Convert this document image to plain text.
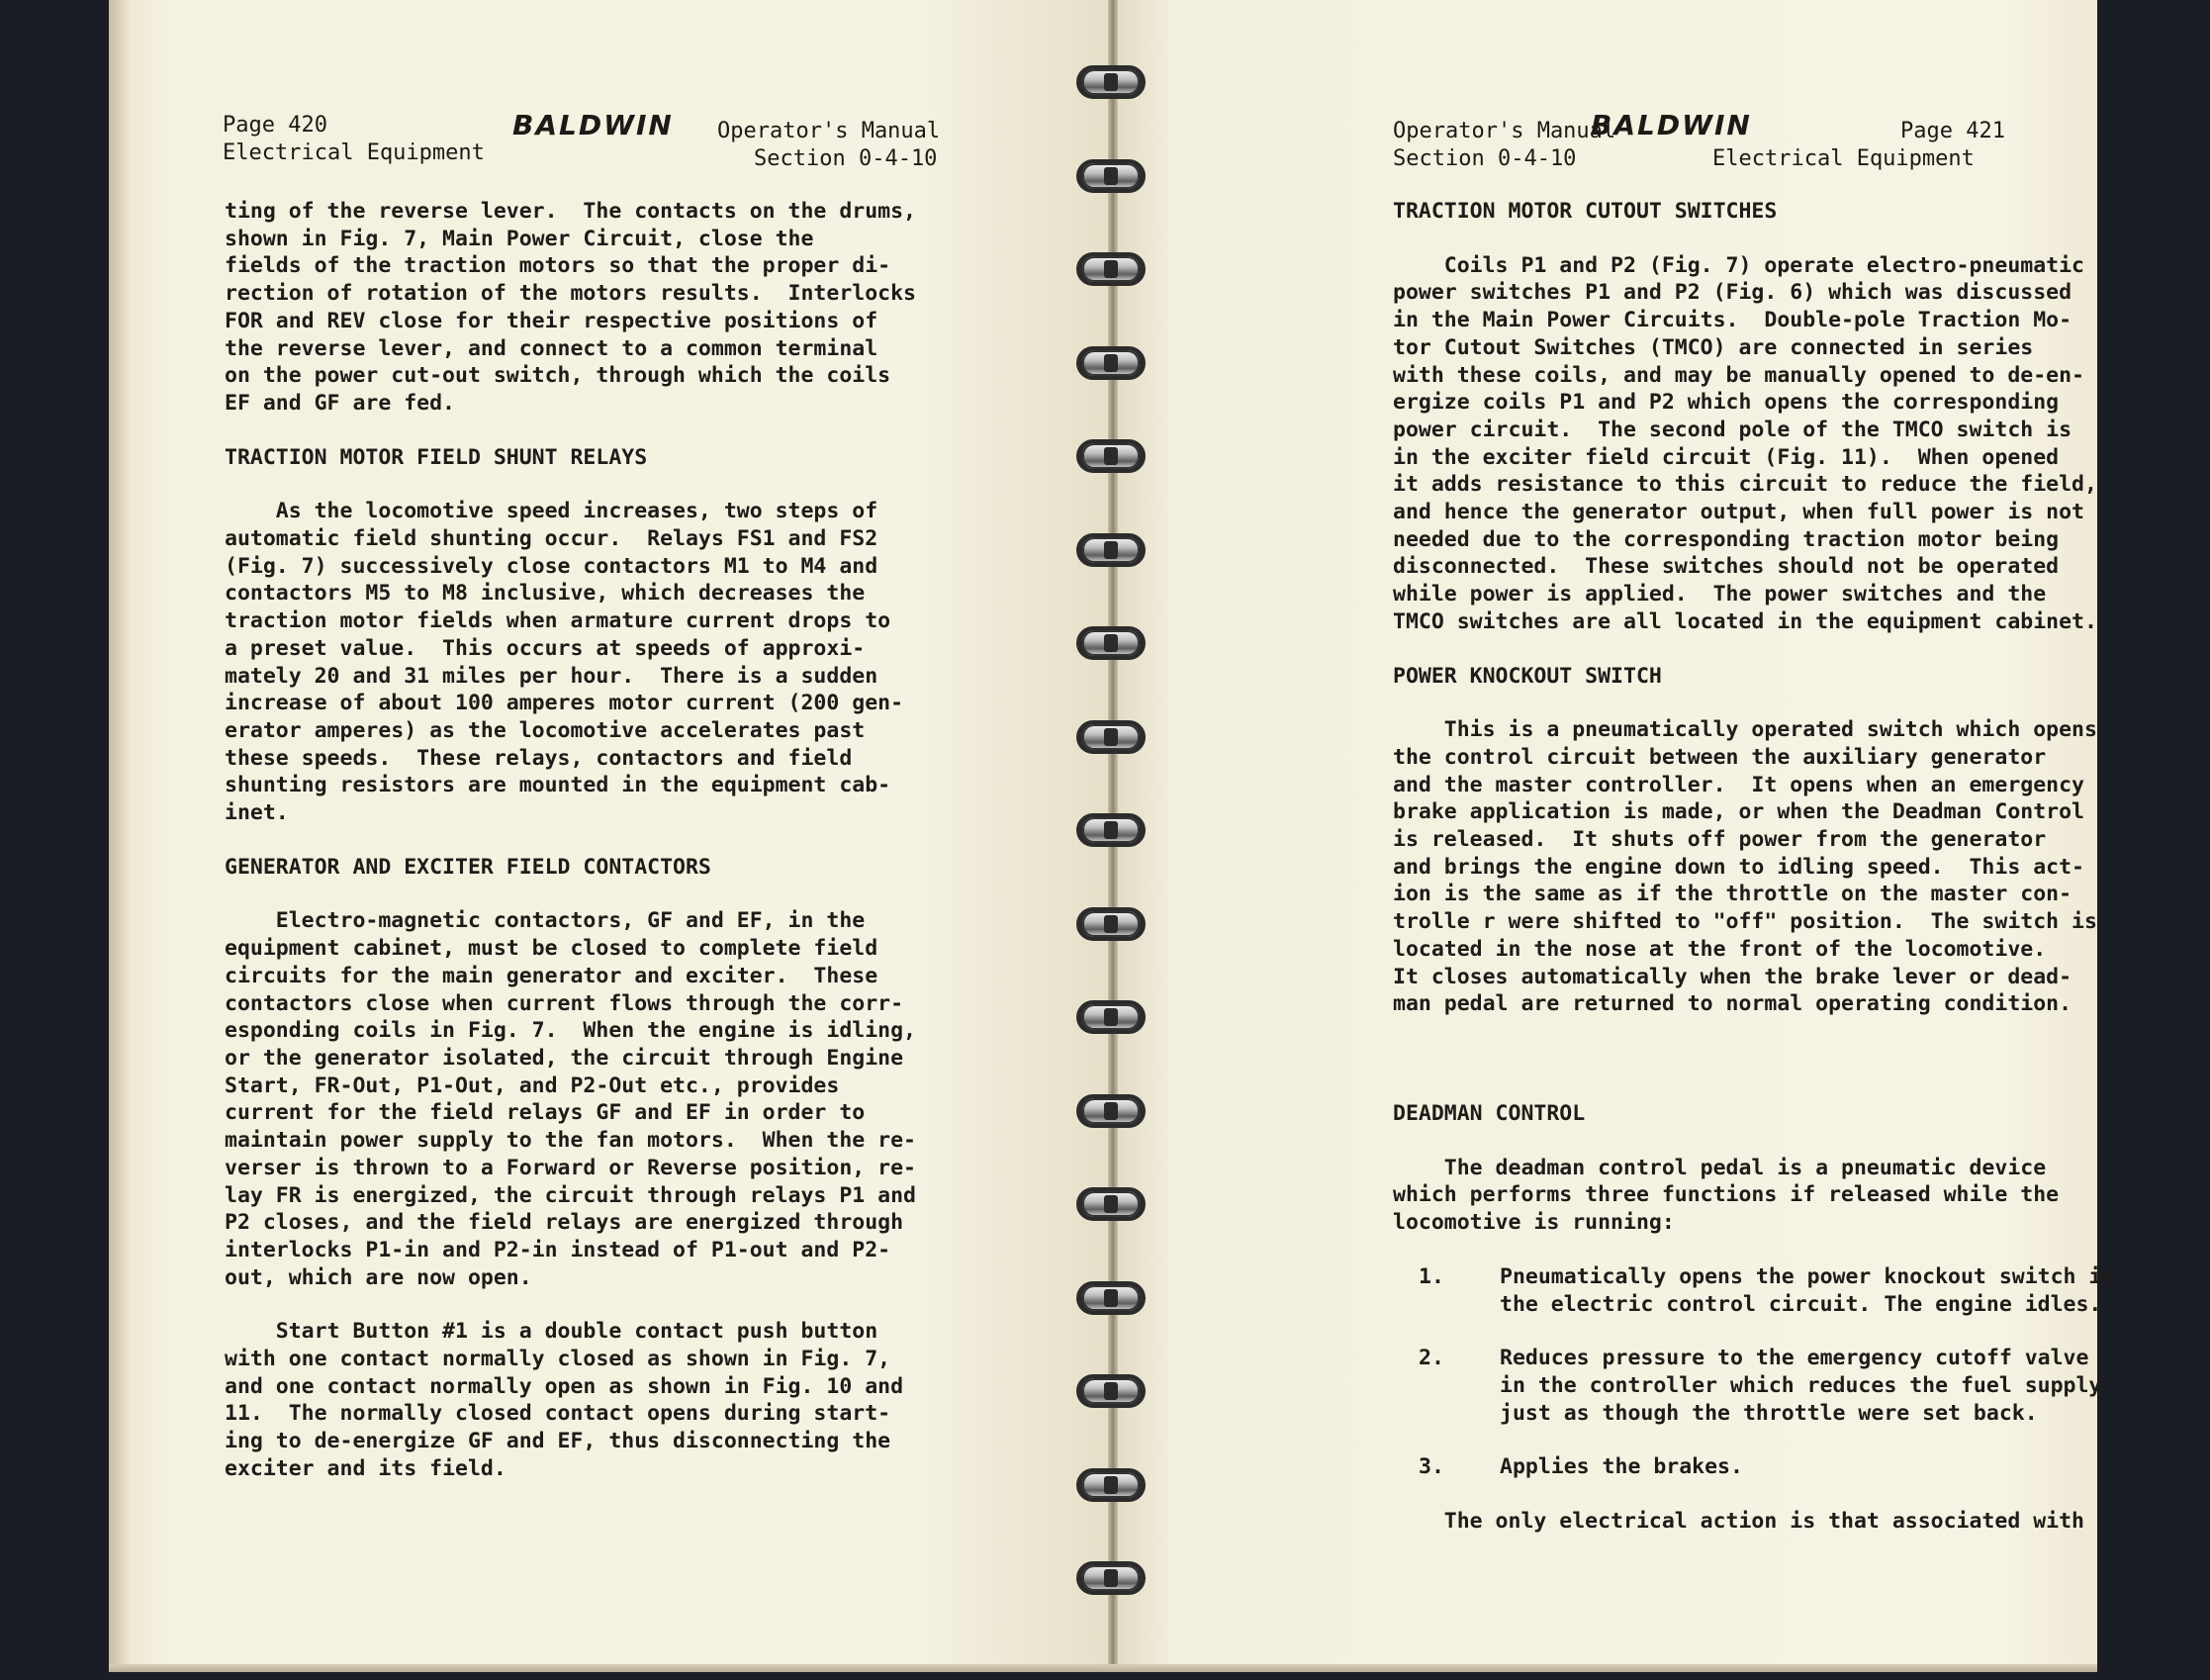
Page 420
Electrical Equipment
BALDWIN Operator's Manual
Section 0-4-10

ting of the reverse lever.  The contacts on the drums,
shown in Fig. 7, Main Power Circuit, close the
fields of the traction motors so that the proper di-
rection of rotation of the motors results.  Interlocks
FOR and REV close for their respective positions of
the reverse lever, and connect to a common terminal
on the power cut-out switch, through which the coils
EF and GF are fed.

TRACTION MOTOR FIELD SHUNT RELAYS

As the locomotive speed increases, two steps of
automatic field shunting occur.  Relays FS1 and FS2
(Fig. 7) successively close contactors M1 to M4 and
contactors M5 to M8 inclusive, which decreases the
traction motor fields when armature current drops to
a preset value.  This occurs at speeds of approxi-
mately 20 and 31 miles per hour.  There is a sudden
increase of about 100 amperes motor current (200 gen-
erator amperes) as the locomotive accelerates past
these speeds.  These relays, contactors and field
shunting resistors are mounted in the equipment cab-
inet.

GENERATOR AND EXCITER FIELD CONTACTORS

Electro-magnetic contactors, GF and EF, in the
equipment cabinet, must be closed to complete field
circuits for the main generator and exciter.  These
contactors close when current flows through the corr-
esponding coils in Fig. 7.  When the engine is idling,
or the generator isolated, the circuit through Engine
Start, FR-Out, P1-Out, and P2-Out etc., provides
current for the field relays GF and EF in order to
maintain power supply to the fan motors.  When the re-
verser is thrown to a Forward or Reverse position, re-
lay FR is energized, the circuit through relays P1 and
P2 closes, and the field relays are energized through
interlocks P1-in and P2-in instead of P1-out and P2-
out, which are now open.

Start Button #1 is a double contact push button
with one contact normally closed as shown in Fig. 7,
and one contact normally open as shown in Fig. 10 and
11.  The normally closed contact opens during start-
ing to de-energize GF and EF, thus disconnecting the
exciter and its field.

Operator's Manual
Section 0-4-10
BALDWIN	Page 421
Electrical Equipment

TRACTION MOTOR CUTOUT SWITCHES

Coils P1 and P2 (Fig. 7) operate electro-pneumatic
power switches P1 and P2 (Fig. 6) which was discussed
in the Main Power Circuits.  Double-pole Traction Mo-
tor Cutout Switches (TMCO) are connected in series
with these coils, and may be manually opened to de-en-
ergize coils P1 and P2 which opens the corresponding
power circuit.  The second pole of the TMCO switch is
in the exciter field circuit (Fig. 11).  When opened
it adds resistance to this circuit to reduce the field,
and hence the generator output, when full power is not
needed due to the corresponding traction motor being
disconnected.  These switches should not be operated
while power is applied.  The power switches and the
TMCO switches are all located in the equipment cabinet.

POWER KNOCKOUT SWITCH

This is a pneumatically operated switch which opens
the control circuit between the auxiliary generator
and the master controller.  It opens when an emergency
brake application is made, or when the Deadman Control
is released.  It shuts off power from the generator
and brings the engine down to idling speed.  This act-
ion is the same as if the throttle on the master con-
trolle r were shifted to "off" position.  The switch is
located in the nose at the front of the locomotive.
It closes automatically when the brake lever or dead-
man pedal are returned to normal operating condition.

DEADMAN CONTROL

The deadman control pedal is a pneumatic device
which performs three functions if released while the
locomotive is running:

1.	Pneumatically opens the power knockout switch in
the electric control circuit. The engine idles.

2.	Reduces pressure to the emergency cutoff valve
in the controller which reduces the fuel supply
just as though the throttle were set back.

3.	Applies the brakes.

The only electrical action is that associated with
